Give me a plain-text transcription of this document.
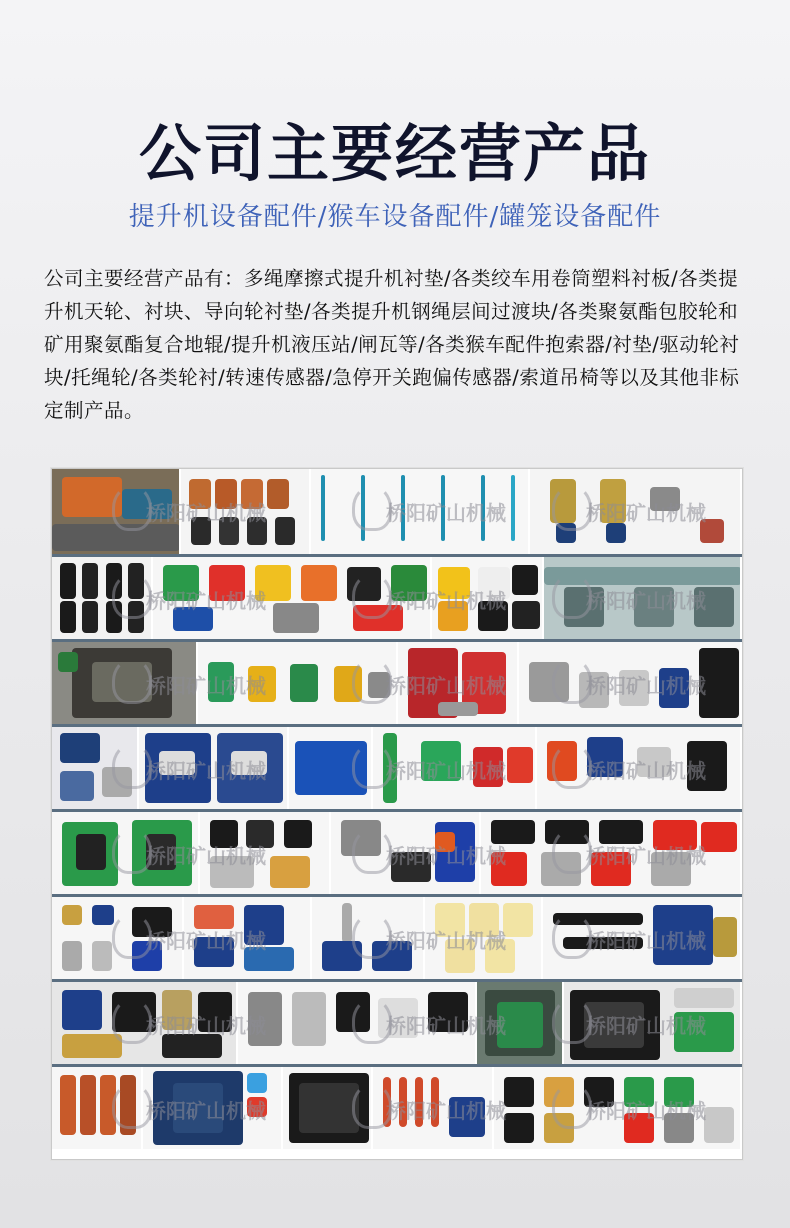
公司主要经营产品
提升机设备配件/猴车设备配件/罐笼设备配件
公司主要经营产品有：多绳摩擦式提升机衬垫/各类绞车用卷筒塑料衬板/各类提升机天轮、衬块、导向轮衬垫/各类提升机钢绳层间过渡块/各类聚氨酯包胶轮和矿用聚氨酯复合地辊/提升机液压站/闸瓦等/各类猴车配件抱索器/衬垫/驱动轮衬块/托绳轮/各类轮衬/转速传感器/急停开关跑偏传感器/索道吊椅等以及其他非标定制产品。
桥阳矿山机械	桥阳矿山机械	桥阳矿山机械
桥阳矿山机械	桥阳矿山机械	桥阳矿山机械
桥阳矿山机械	桥阳矿山机械	桥阳矿山机械
桥阳矿山机械	桥阳矿山机械	桥阳矿山机械
桥阳矿山机械	桥阳矿山机械	桥阳矿山机械
桥阳矿山机械	桥阳矿山机械	桥阳矿山机械
桥阳矿山机械	桥阳矿山机械	桥阳矿山机械
桥阳矿山机械	桥阳矿山机械	桥阳矿山机械
